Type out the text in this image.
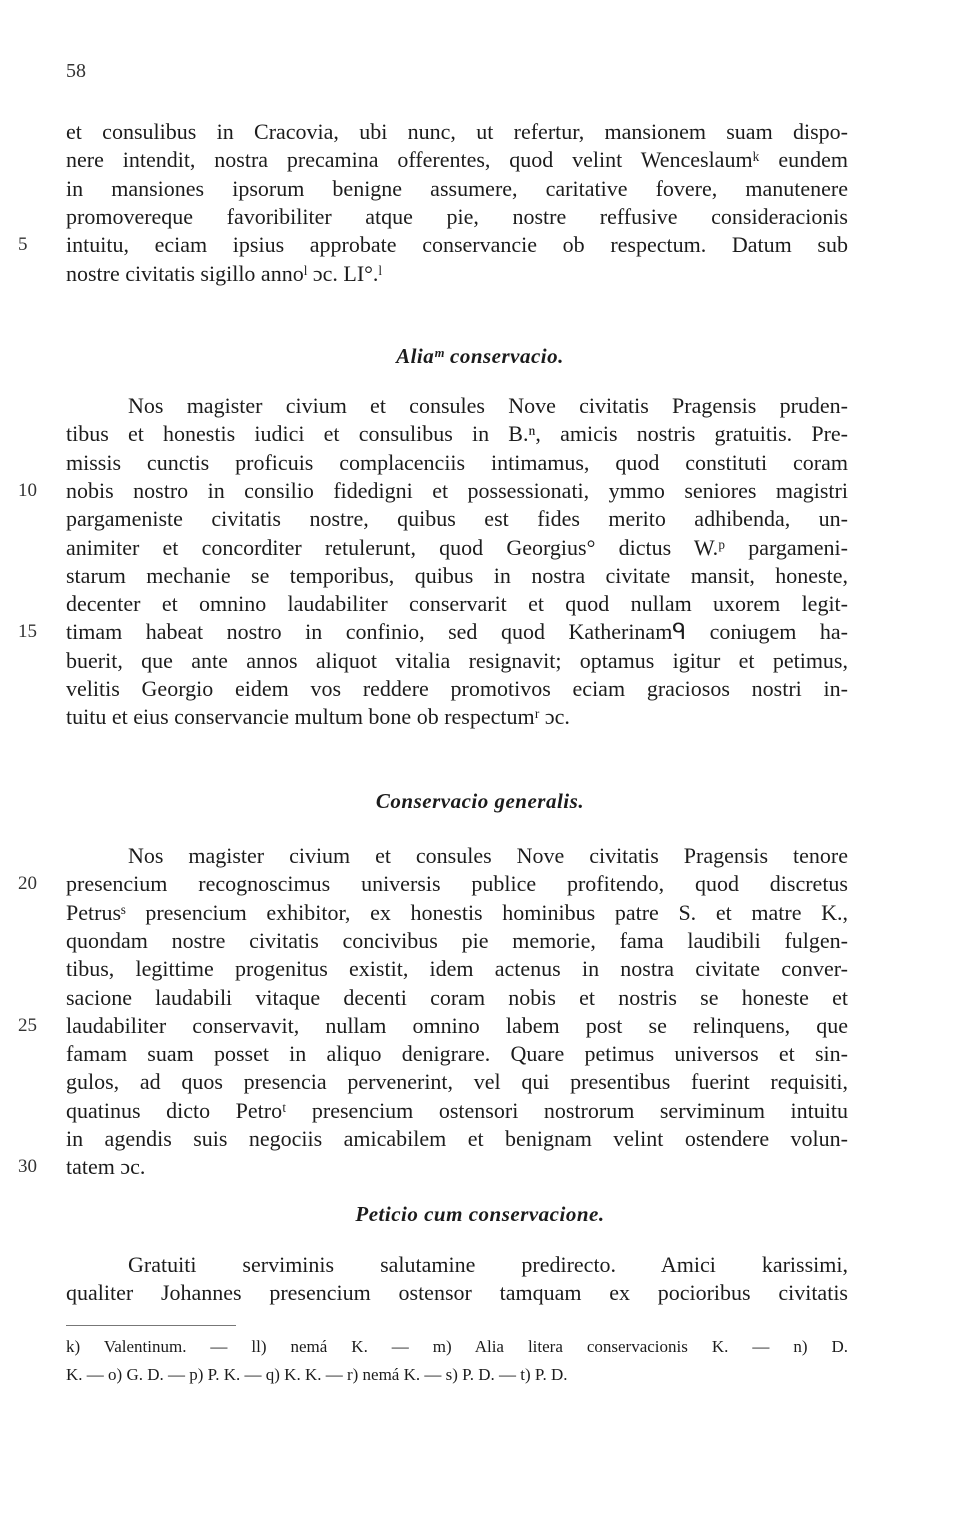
58
et consulibus in Cracovia, ubi nunc, ut refertur, mansionem suam dispo-
nere intendit, nostra precamina offerentes, quod velint Wenceslaumᵏ eundem
in mansiones ipsorum benigne assumere, caritative fovere, manutenere
promovereque favoribiliter atque pie, nostre reffusive consideracionis
intuitu, eciam ipsius approbate conservancie ob respectum. Datum sub
5
nostre civitatis sigillo annoˡ ɔc. LI°.ˡ
Aliaᵐ conservacio.
Nos magister civium et consules Nove civitatis Pragensis pruden-
tibus et honestis iudici et consulibus in B.ⁿ, amicis nostris gratuitis. Pre-
missis cunctis proficuis complacenciis intimamus, quod constituti coram
nobis nostro in consilio fidedigni et possessionati, ymmo seniores magistri
10
pargameniste civitatis nostre, quibus est fides merito adhibenda, un-
animiter et concorditer retulerunt, quod Georgius° dictus W.ᵖ pargameni-
starum mechanie se temporibus, quibus in nostra civitate mansit, honeste,
decenter et omnino laudabiliter conservarit et quod nullam uxorem legit-
timam habeat nostro in confinio, sed quod Katherinamᑫ coniugem ha-
15
buerit, que ante annos aliquot vitalia resignavit; optamus igitur et petimus,
velitis Georgio eidem vos reddere promotivos eciam graciosos nostri in-
tuitu et eius conservancie multum bone ob respectumʳ ɔc.
Conservacio generalis.
Nos magister civium et consules Nove civitatis Pragensis tenore
presencium recognoscimus universis publice profitendo, quod discretus
20
Petrusˢ presencium exhibitor, ex honestis hominibus patre S. et matre K.,
quondam nostre civitatis concivibus pie memorie, fama laudibili fulgen-
tibus, legittime progenitus existit, idem actenus in nostra civitate conver-
sacione laudabili vitaque decenti coram nobis et nostris se honeste et
laudabiliter conservavit, nullam omnino labem post se relinquens, que
25
famam suam posset in aliquo denigrare. Quare petimus universos et sin-
gulos, ad quos presencia pervenerint, vel qui presentibus fuerint requisiti,
quatinus dicto Petroᵗ presencium ostensori nostrorum serviminum intuitu
in agendis suis negociis amicabilem et benignam velint ostendere volun-
tatem ɔc.
30
Peticio cum conservacione.
Gratuiti serviminis salutamine predirecto. Amici karissimi,
qualiter Johannes presencium ostensor tamquam ex pocioribus civitatis
k) Valentinum. — ll) nemá K. — m) Alia litera conservacionis K. — n) D.
K. — o) G. D. — p) P. K. — q) K. K. — r) nemá K. — s) P. D. — t) P. D.
